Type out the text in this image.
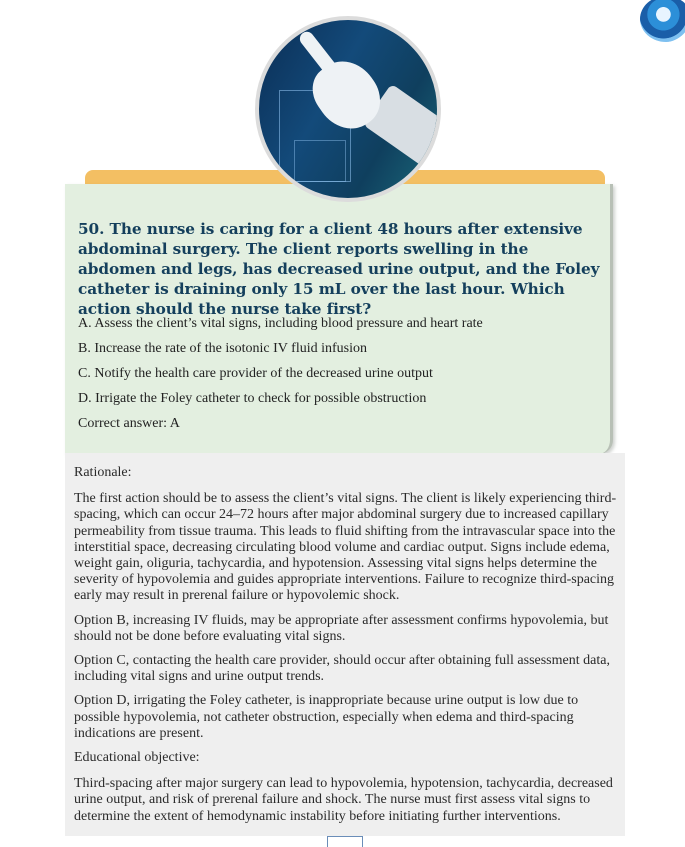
50. The nurse is caring for a client 48 hours after extensive abdominal surgery. The client reports swelling in the abdomen and legs, has decreased urine output, and the Foley catheter is draining only 15 mL over the last hour. Which action should the nurse take first?
A. Assess the client’s vital signs, including blood pressure and heart rate
B. Increase the rate of the isotonic IV fluid infusion
C. Notify the health care provider of the decreased urine output
D. Irrigate the Foley catheter to check for possible obstruction
Correct answer: A

Rationale:

The first action should be to assess the client’s vital signs. The client is likely experiencing third-spacing, which can occur 24–72 hours after major abdominal surgery due to increased capillary permeability from tissue trauma. This leads to fluid shifting from the intravascular space into the interstitial space, decreasing circulating blood volume and cardiac output. Signs include edema, weight gain, oliguria, tachycardia, and hypotension. Assessing vital signs helps determine the severity of hypovolemia and guides appropriate interventions. Failure to recognize third-spacing early may result in prerenal failure or hypovolemic shock.

Option B, increasing IV fluids, may be appropriate after assessment confirms hypovolemia, but should not be done before evaluating vital signs.

Option C, contacting the health care provider, should occur after obtaining full assessment data, including vital signs and urine output trends.

Option D, irrigating the Foley catheter, is inappropriate because urine output is low due to possible hypovolemia, not catheter obstruction, especially when edema and third-spacing indications are present.

Educational objective:

Third-spacing after major surgery can lead to hypovolemia, hypotension, tachycardia, decreased urine output, and risk of prerenal failure and shock. The nurse must first assess vital signs to determine the extent of hemodynamic instability before initiating further interventions.
